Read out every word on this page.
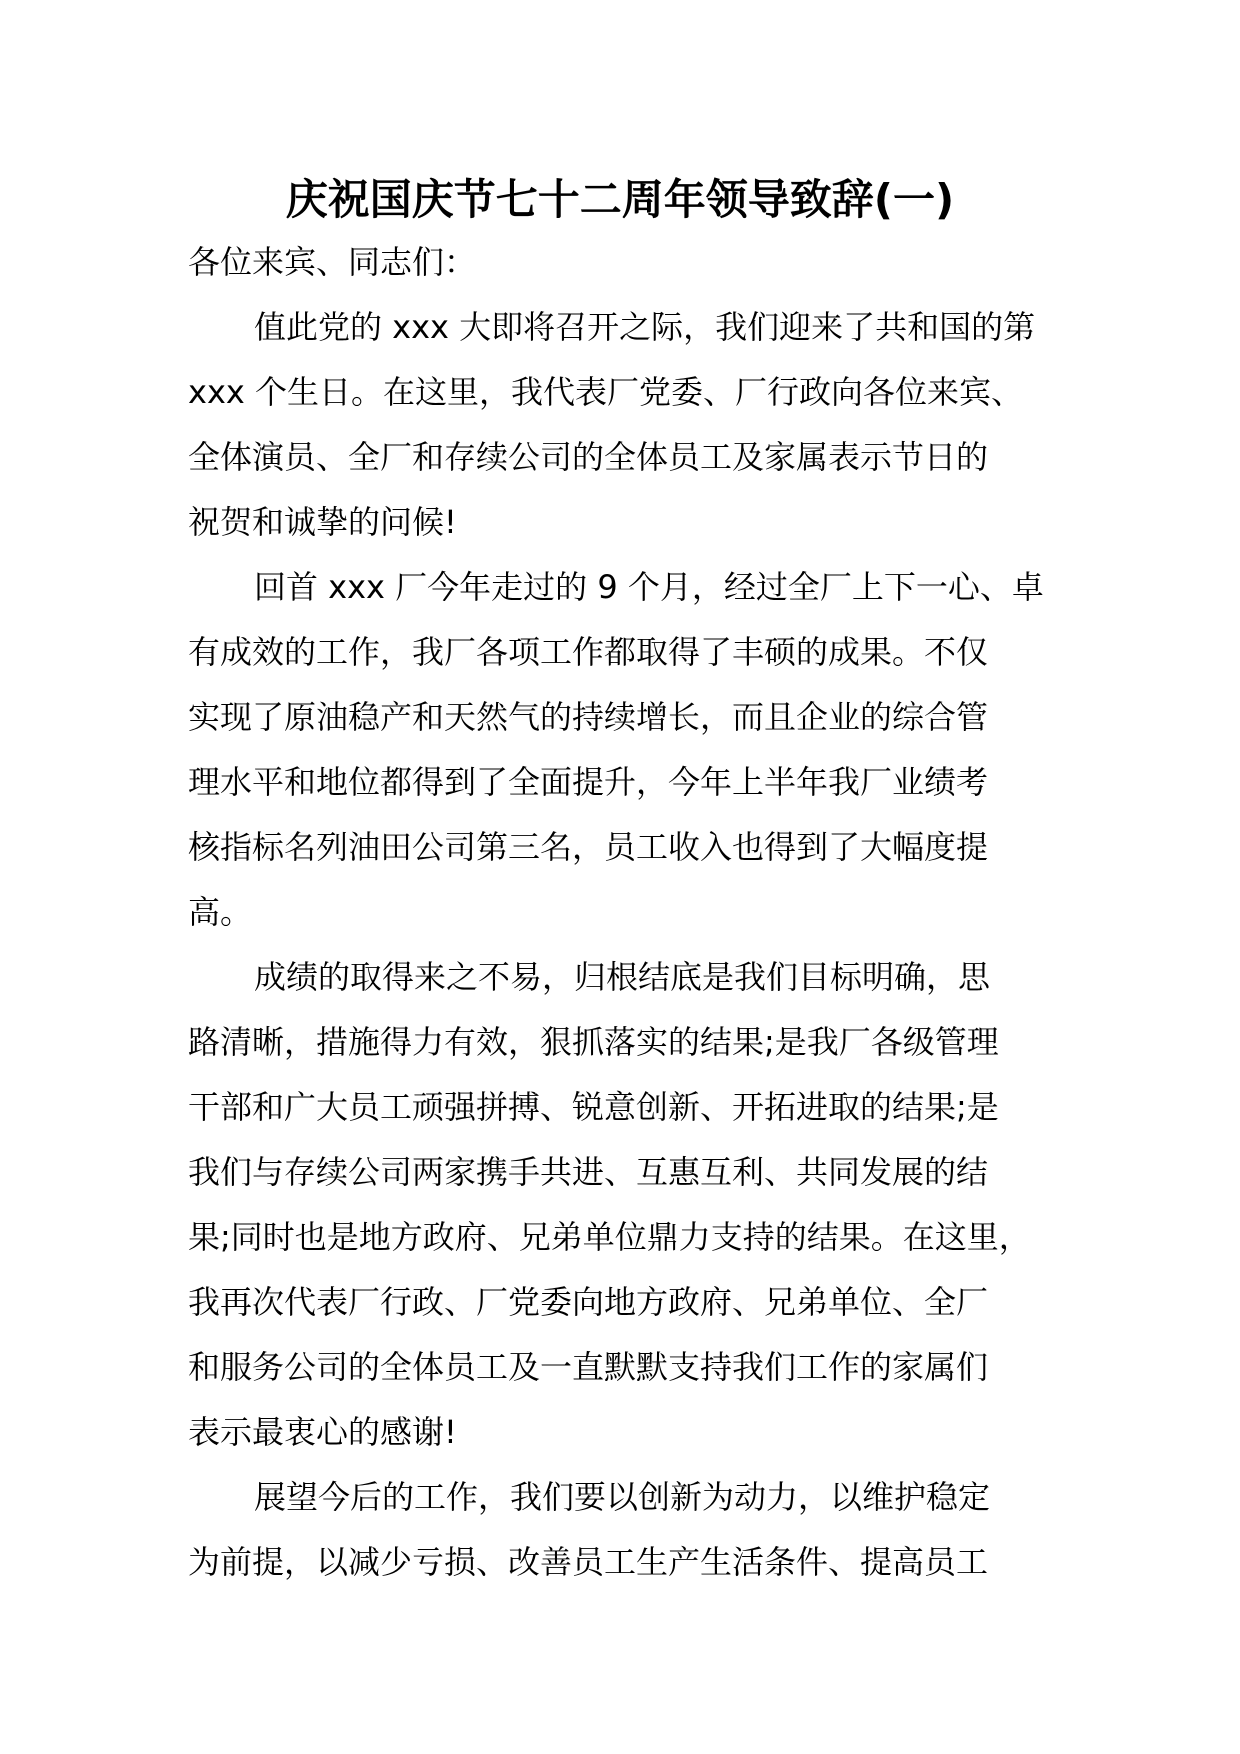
庆祝国庆节七十二周年领导致辞(一)

各位来宾、同志们：

值此党的 xxx 大即将召开之际，我们迎来了共和国的第

xxx 个生日。在这里，我代表厂党委、厂行政向各位来宾、

全体演员、全厂和存续公司的全体员工及家属表示节日的

祝贺和诚挚的问候!

回首 xxx 厂今年走过的 9 个月，经过全厂上下一心、卓

有成效的工作，我厂各项工作都取得了丰硕的成果。不仅

实现了原油稳产和天然气的持续增长，而且企业的综合管

理水平和地位都得到了全面提升，今年上半年我厂业绩考

核指标名列油田公司第三名，员工收入也得到了大幅度提

高。

成绩的取得来之不易，归根结底是我们目标明确，思

路清晰，措施得力有效，狠抓落实的结果;是我厂各级管理

干部和广大员工顽强拼搏、锐意创新、开拓进取的结果;是

我们与存续公司两家携手共进、互惠互利、共同发展的结

果;同时也是地方政府、兄弟单位鼎力支持的结果。在这里，

我再次代表厂行政、厂党委向地方政府、兄弟单位、全厂

和服务公司的全体员工及一直默默支持我们工作的家属们

表示最衷心的感谢!

展望今后的工作，我们要以创新为动力，以维护稳定

为前提，以减少亏损、改善员工生产生活条件、提高员工
